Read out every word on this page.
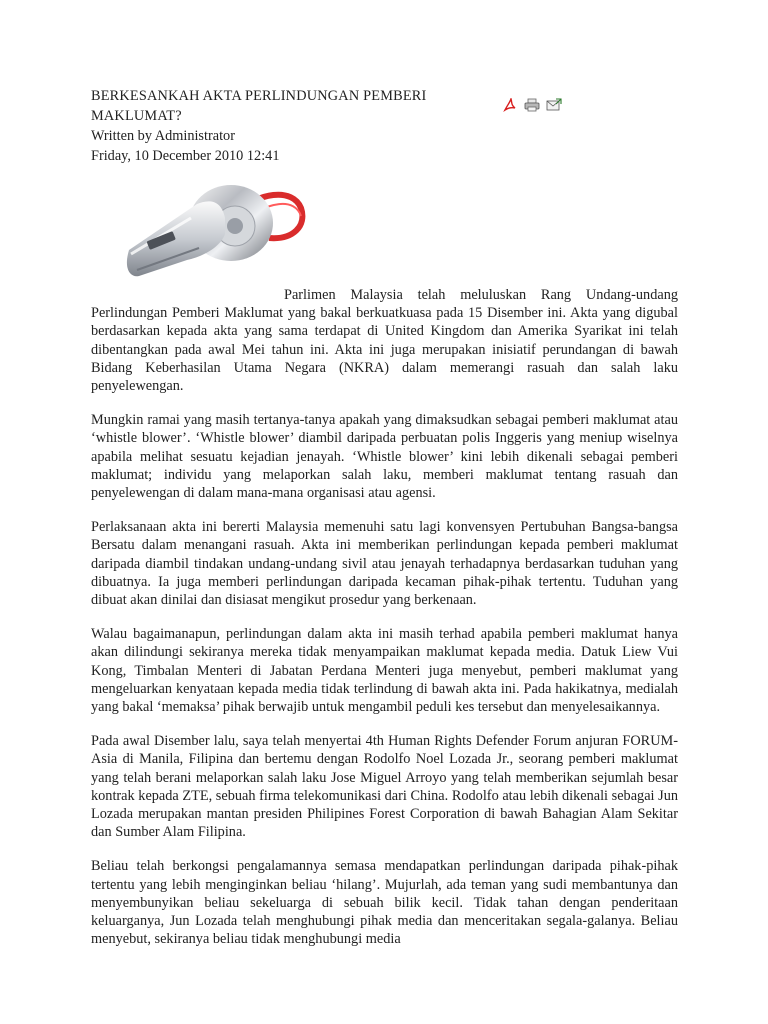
BERKESANKAH AKTA PERLINDUNGAN PEMBERI MAKLUMAT?

Written by Administrator

Friday, 10 December 2010 12:41

Parlimen Malaysia telah meluluskan Rang Undang-undang Perlindungan Pemberi Maklumat yang bakal berkuatkuasa pada 15 Disember ini. Akta yang digubal berdasarkan kepada akta yang sama terdapat di United Kingdom dan Amerika Syarikat ini telah dibentangkan pada awal Mei tahun ini. Akta ini juga merupakan inisiatif perundangan di bawah Bidang Keberhasilan Utama Negara (NKRA) dalam memerangi rasuah dan salah laku penyelewengan.

Mungkin ramai yang masih tertanya-tanya apakah yang dimaksudkan sebagai pemberi maklumat atau ‘whistle blower’. ‘Whistle blower’ diambil daripada perbuatan polis Inggeris yang meniup wiselnya apabila melihat sesuatu kejadian jenayah. ‘Whistle blower’ kini lebih dikenali sebagai pemberi maklumat; individu yang melaporkan salah laku, memberi maklumat tentang rasuah dan penyelewengan di dalam mana-mana organisasi atau agensi.

Perlaksanaan akta ini bererti Malaysia memenuhi satu lagi konvensyen Pertubuhan Bangsa-bangsa Bersatu dalam menangani rasuah. Akta ini memberikan perlindungan kepada pemberi maklumat daripada diambil tindakan undang-undang sivil atau jenayah terhadapnya berdasarkan tuduhan yang dibuatnya. Ia juga memberi perlindungan daripada kecaman pihak-pihak tertentu. Tuduhan yang dibuat akan dinilai dan disiasat mengikut prosedur yang berkenaan.

Walau bagaimanapun, perlindungan dalam akta ini masih terhad apabila pemberi maklumat hanya akan dilindungi sekiranya mereka tidak menyampaikan maklumat kepada media. Datuk Liew Vui Kong, Timbalan Menteri di Jabatan Perdana Menteri juga menyebut, pemberi maklumat yang mengeluarkan kenyataan kepada media tidak terlindung di bawah akta ini. Pada hakikatnya, medialah yang bakal ‘memaksa’ pihak berwajib untuk mengambil peduli kes tersebut dan menyelesaikannya.

Pada awal Disember lalu, saya telah menyertai 4th Human Rights Defender Forum anjuran FORUM-Asia di Manila, Filipina dan bertemu dengan Rodolfo Noel Lozada Jr., seorang pemberi maklumat yang telah berani melaporkan salah laku Jose Miguel Arroyo yang telah memberikan sejumlah besar kontrak kepada ZTE, sebuah firma telekomunikasi dari China. Rodolfo atau lebih dikenali sebagai Jun Lozada merupakan mantan presiden Philipines Forest Corporation di bawah Bahagian Alam Sekitar dan Sumber Alam Filipina.

Beliau telah berkongsi pengalamannya semasa mendapatkan perlindungan daripada pihak-pihak tertentu yang lebih menginginkan beliau ‘hilang’. Mujurlah, ada teman yang sudi membantunya dan menyembunyikan beliau sekeluarga di sebuah bilik kecil. Tidak tahan dengan penderitaan keluarganya, Jun Lozada telah menghubungi pihak media dan menceritakan segala-galanya. Beliau menyebut, sekiranya beliau tidak menghubungi media
